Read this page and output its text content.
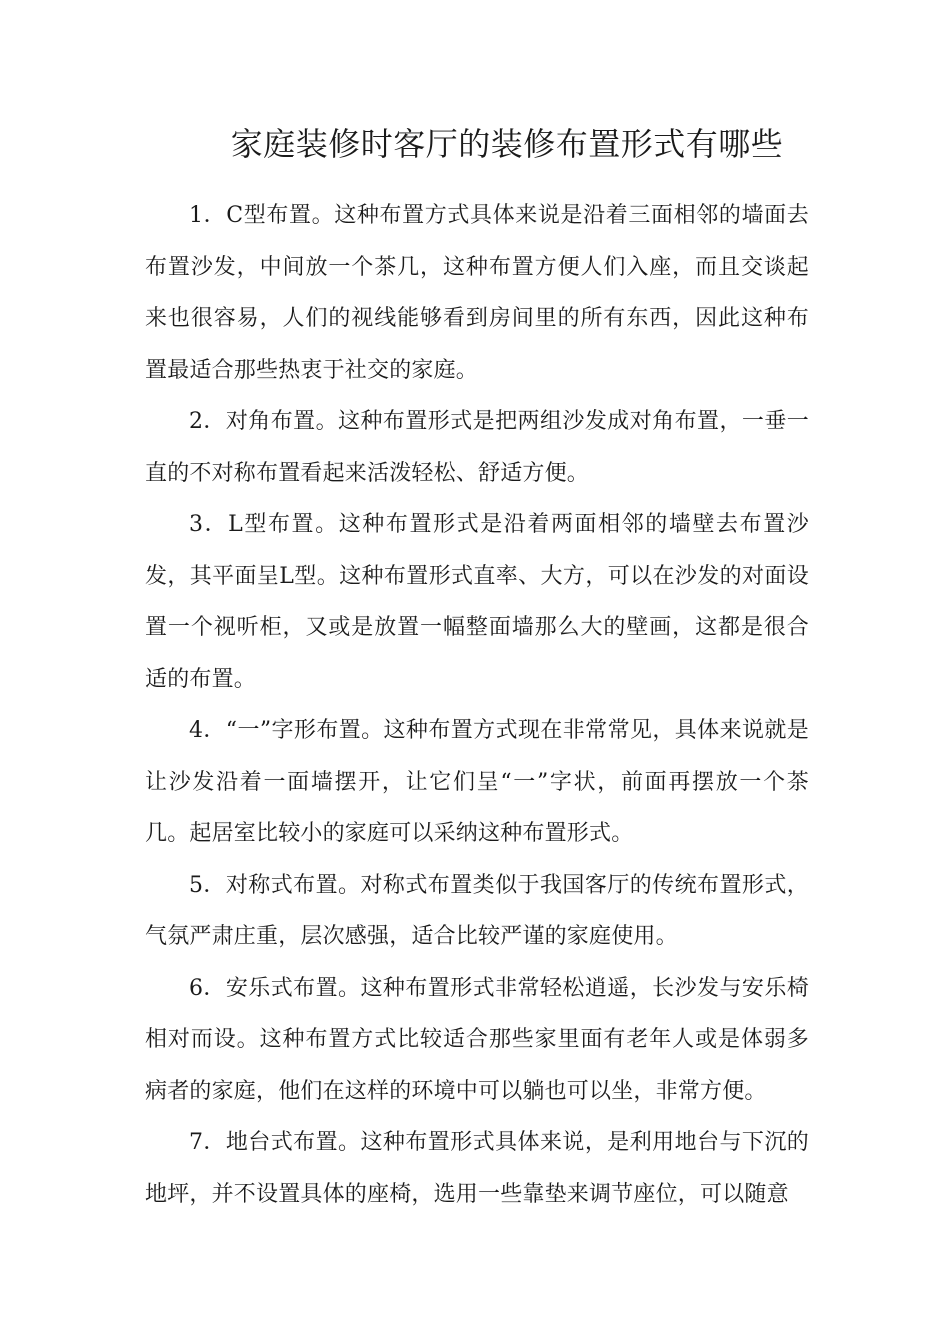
家庭装修时客厅的装修布置形式有哪些

1．C型布置。这种布置方式具体来说是沿着三面相邻的墙面去布置沙发，中间放一个茶几，这种布置方便人们入座，而且交谈起来也很容易，人们的视线能够看到房间里的所有东西，因此这种布置最适合那些热衷于社交的家庭。

2．对角布置。这种布置形式是把两组沙发成对角布置，一垂一直的不对称布置看起来活泼轻松、舒适方便。

3．L型布置。这种布置形式是沿着两面相邻的墙壁去布置沙发，其平面呈L型。这种布置形式直率、大方，可以在沙发的对面设置一个视听柜，又或是放置一幅整面墙那么大的壁画，这都是很合适的布置。

4．“一”字形布置。这种布置方式现在非常常见，具体来说就是让沙发沿着一面墙摆开，让它们呈“一”字状，前面再摆放一个茶几。起居室比较小的家庭可以采纳这种布置形式。

5．对称式布置。对称式布置类似于我国客厅的传统布置形式，气氛严肃庄重，层次感强，适合比较严谨的家庭使用。

6．安乐式布置。这种布置形式非常轻松逍遥，长沙发与安乐椅相对而设。这种布置方式比较适合那些家里面有老年人或是体弱多病者的家庭，他们在这样的环境中可以躺也可以坐，非常方便。

7．地台式布置。这种布置形式具体来说，是利用地台与下沉的地坪，并不设置具体的座椅，选用一些靠垫来调节座位，可以随意
